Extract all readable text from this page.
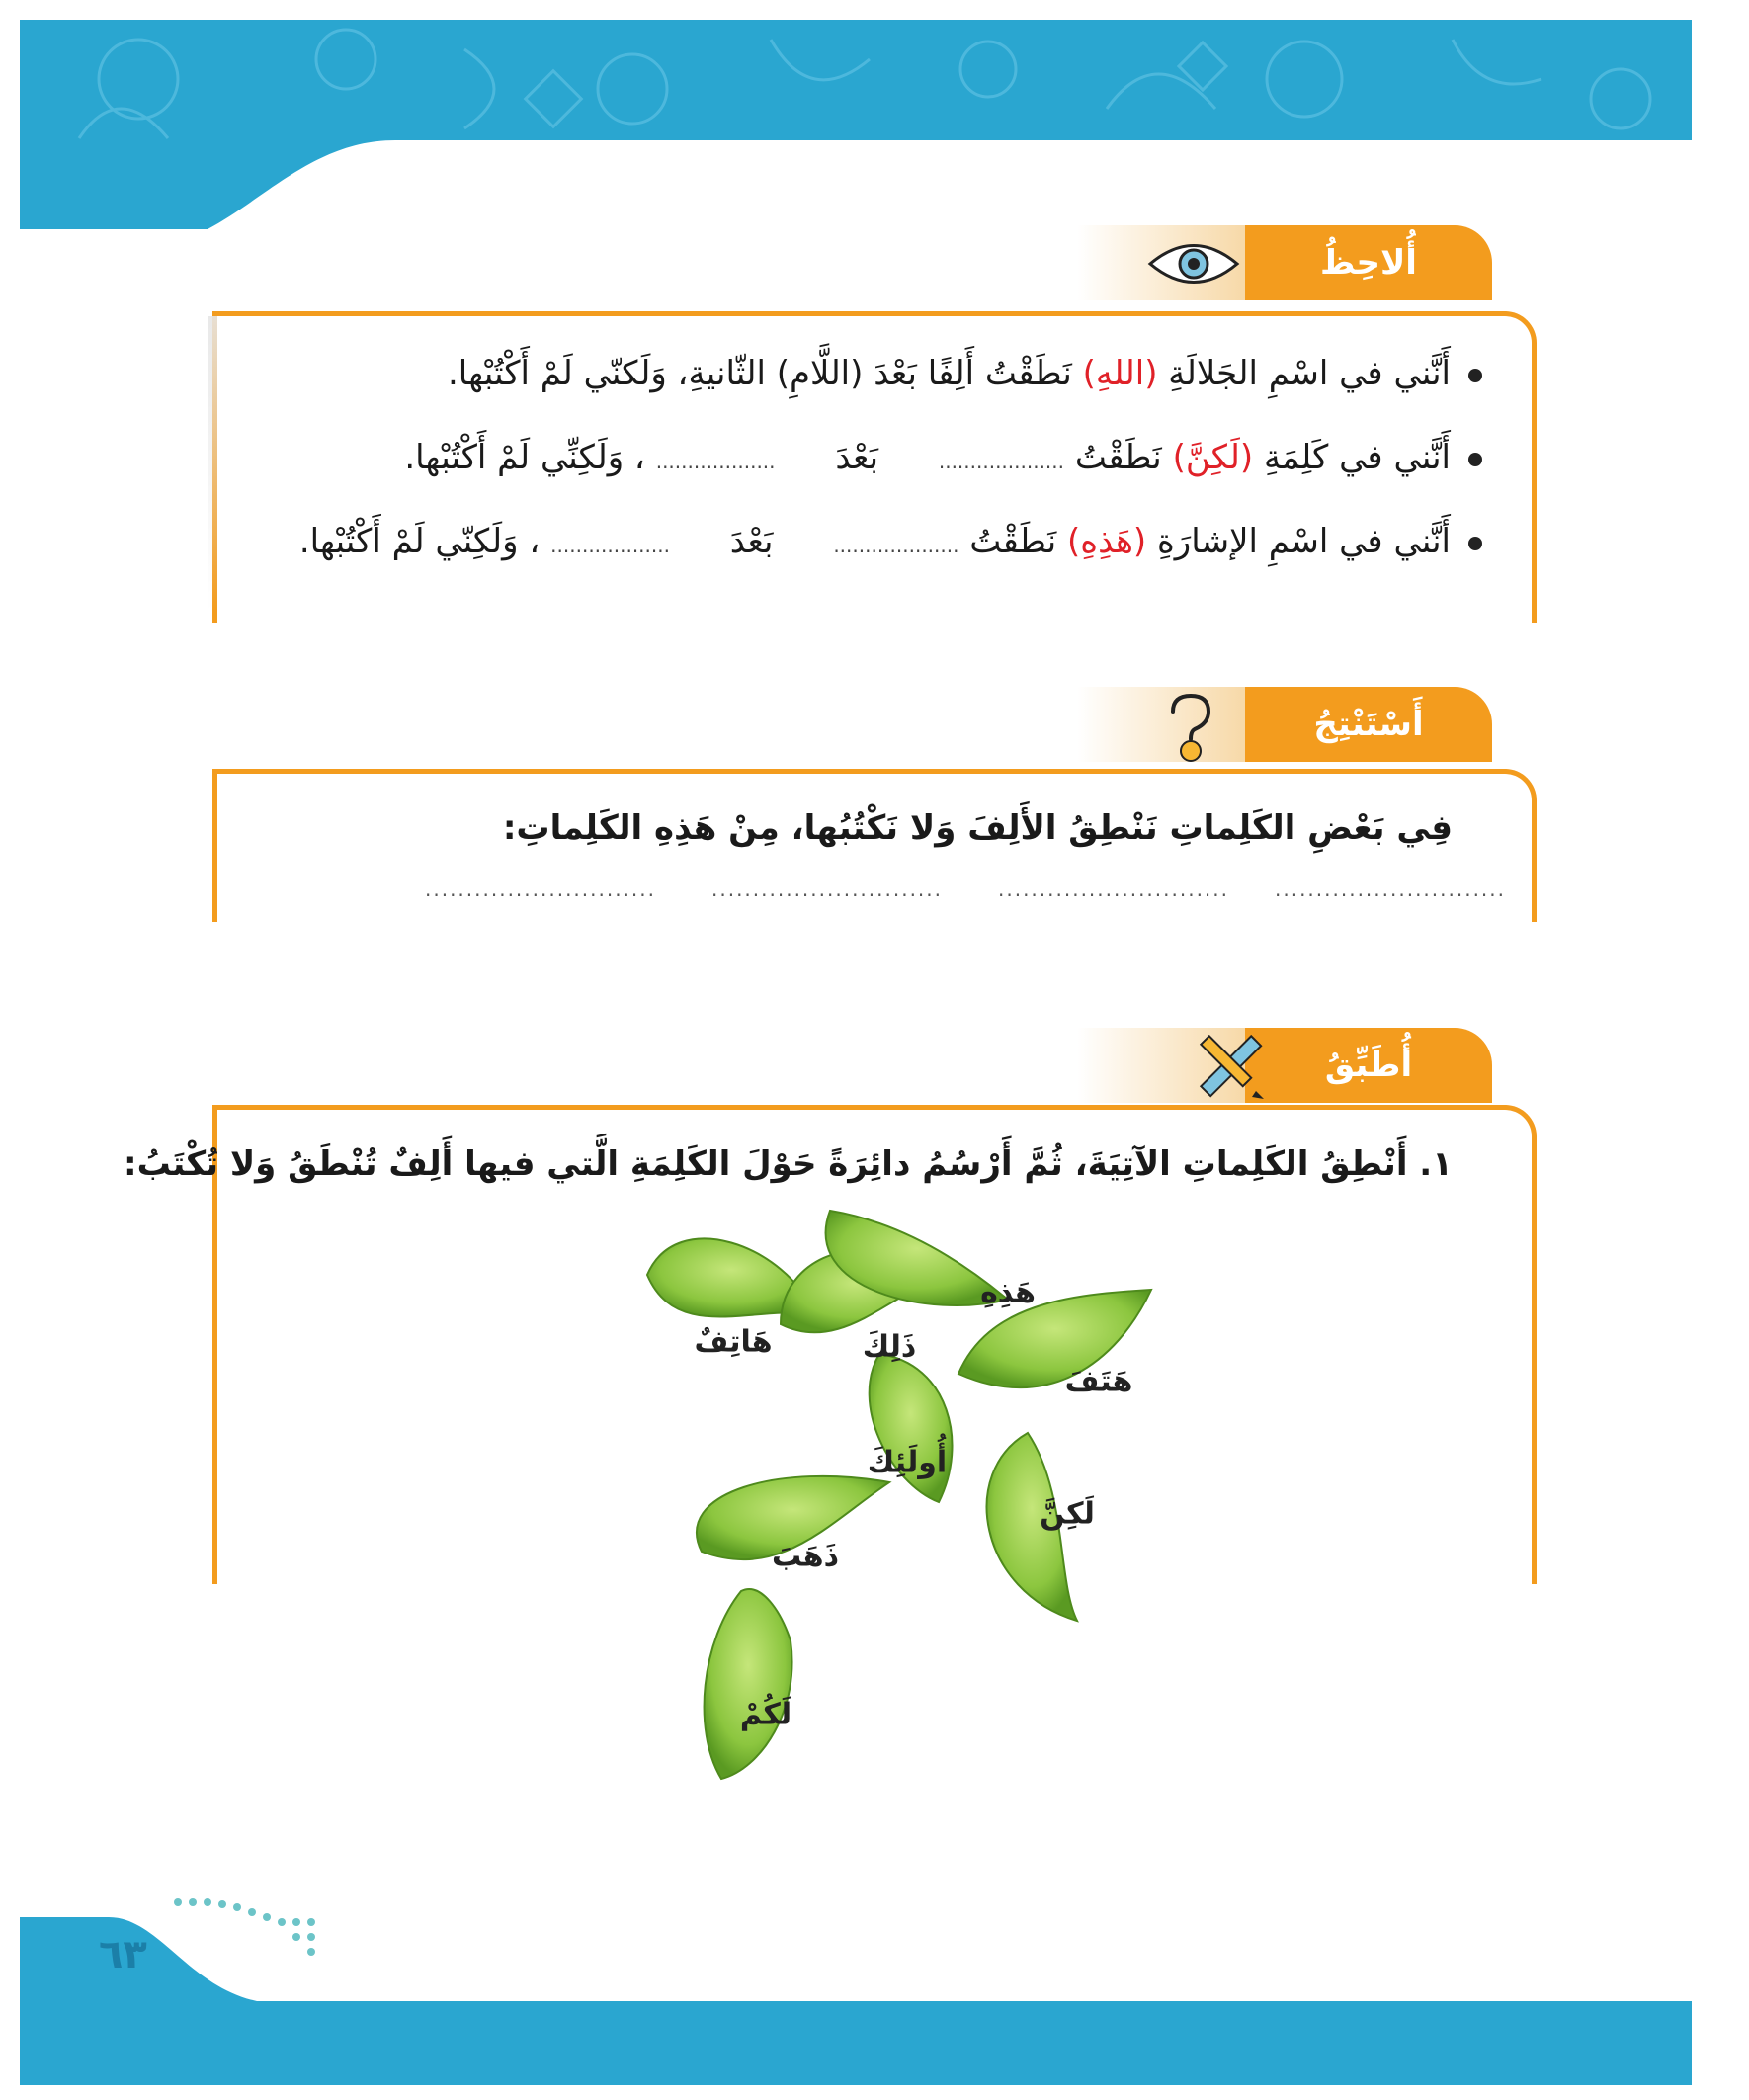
أُلاحِظُ
أَنَّني في اسْمِ الجَلالَةِ (اللهِ) نَطَقْتُ أَلِفًا بَعْدَ (اللَّامِ) الثّانيةِ، وَلَكنّي لَمْ أَكْتُبْها.
أَنَّني في كَلِمَةِ (لَكِنَّ) نَطَقْتُ .................... بَعْدَ ................... ، وَلَكِنِّي لَمْ أَكْتُبْها.
أَنَّني في اسْمِ الإشارَةِ (هَذِهِ) نَطَقْتُ .................... بَعْدَ ................... ، وَلَكِنّي لَمْ أَكْتُبْها.
أَسْتَنْتِجُ
فِي بَعْضِ الكَلِماتِ نَنْطِقُ الأَلِفَ وَلا نَكْتُبُها، مِنْ هَذِهِ الكَلِماتِ:
............................	............................	............................ ............................
أُطَبِّقُ
١. أَنْطِقُ الكَلِماتِ الآتِيَةَ، ثُمَّ أَرْسُمُ دائِرَةً حَوْلَ الكَلِمَةِ الَّتي فيها أَلِفٌ تُنْطَقُ وَلا تُكْتَبُ:
هَاتِفٌ	ذَلِكَ
هَذِهِ
هَتَفَ
أُولَئِكَ
لَكِنَّ
ذَهَبَ
لَكُمْ
٦٣
